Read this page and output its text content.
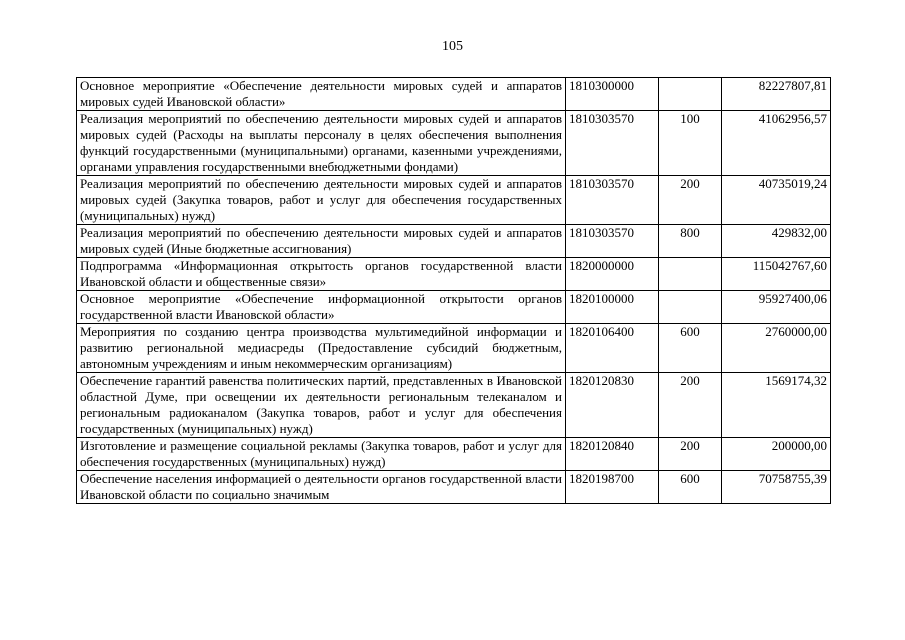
105
Основное мероприятие «Обеспечение деятельности мировых судей и аппаратов мировых судей Ивановской области»	1810300000		82227807,81
Реализация мероприятий по обеспечению деятельности мировых судей и аппаратов мировых судей (Расходы на выплаты персоналу в целях обеспечения выполнения функций государственными (муниципальными) органами, казенными учреждениями, органами управления государственными внебюджетными фондами)	1810303570	100	41062956,57
Реализация мероприятий по обеспечению деятельности мировых судей и аппаратов мировых судей (Закупка товаров, работ и услуг для обеспечения государственных (муниципальных) нужд)	1810303570	200	40735019,24
Реализация мероприятий по обеспечению деятельности мировых судей и аппаратов мировых судей (Иные бюджетные ассигнования)	1810303570	800	429832,00
Подпрограмма «Информационная открытость органов государственной власти Ивановской области и общественные связи»	1820000000		115042767,60
Основное мероприятие «Обеспечение информационной открытости органов государственной власти Ивановской области»	1820100000		95927400,06
Мероприятия по созданию центра производства мультимедийной информации и развитию региональной медиасреды (Предоставление субсидий бюджетным, автономным учреждениям и иным некоммерческим организациям)	1820106400	600	2760000,00
Обеспечение гарантий равенства политических партий, представленных в Ивановской областной Думе, при освещении их деятельности региональным телеканалом и региональным радиоканалом (Закупка товаров, работ и услуг для обеспечения государственных (муниципальных) нужд)	1820120830	200	1569174,32
Изготовление и размещение социальной рекламы (Закупка товаров, работ и услуг для обеспечения государственных (муниципальных) нужд)	1820120840	200	200000,00
Обеспечение населения информацией о деятельности органов государственной власти Ивановской области по социально значимым	1820198700	600	70758755,39
